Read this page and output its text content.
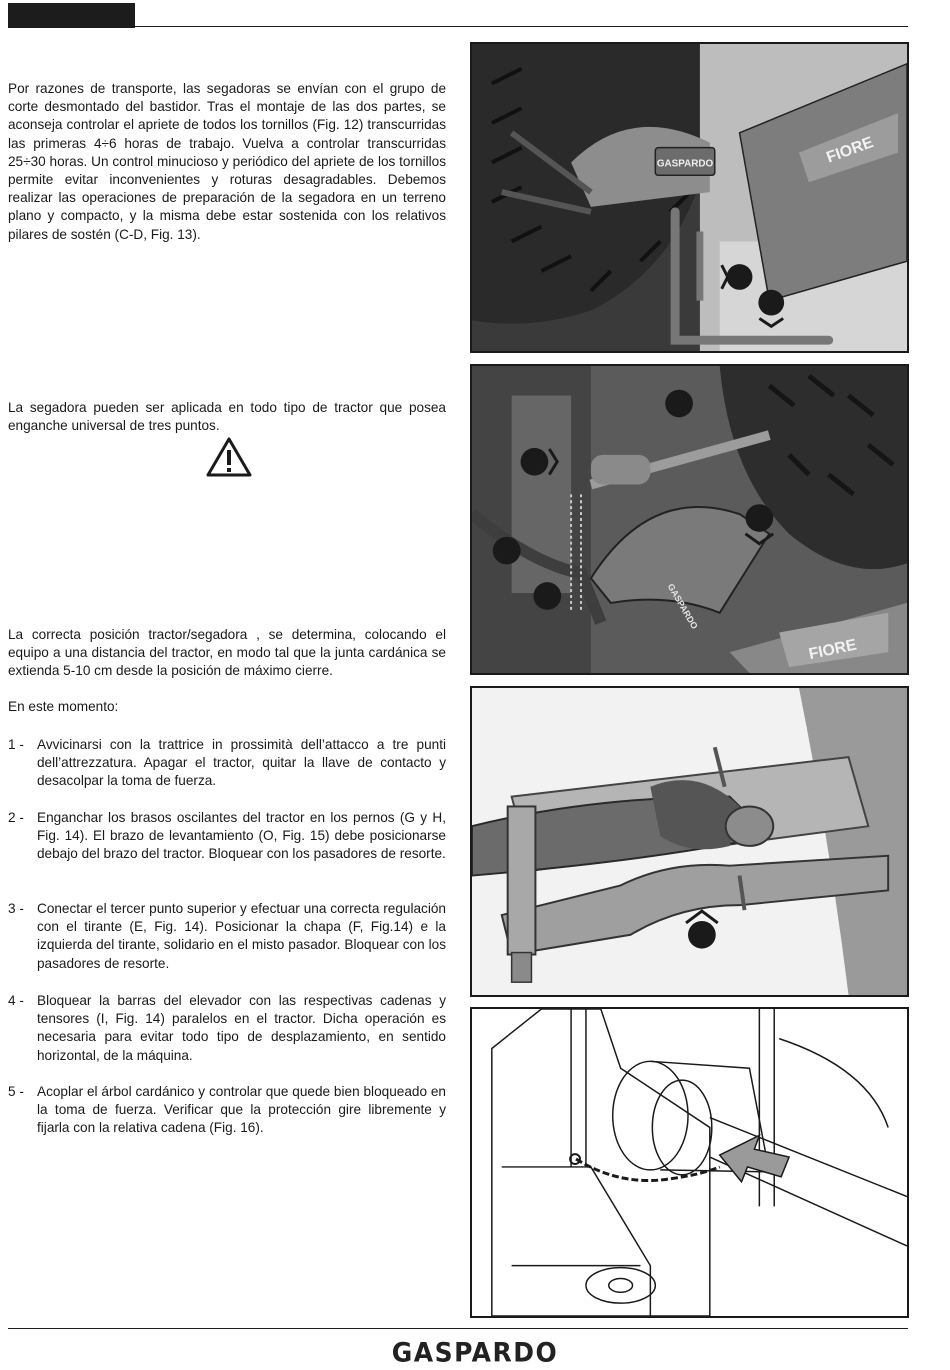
Por razones de transporte, las segadoras se envían con el grupo de corte desmontado del bastidor. Tras el montaje de las dos partes, se aconseja controlar el apriete de todos los tornillos (Fig. 12) transcurridas las primeras 4÷6 horas de trabajo. Vuelva a controlar transcurridas 25÷30 horas. Un control minucioso y periódico del apriete de los tornillos permite evitar inconvenientes y roturas desagradables. Debemos realizar las operaciones de preparación de la segadora en un terreno plano y compacto, y la misma debe estar sostenida con los relativos pilares de sostén (C-D, Fig. 13).

La segadora pueden ser aplicada en todo tipo de tractor que posea enganche universal de tres puntos.

La correcta posición tractor/segadora , se determina, colocando el equipo a una distancia del tractor, en modo tal que la junta cardánica se extienda 5-10 cm desde la posición de máximo cierre.

En este momento:

1 - Avvicinarsi con la trattrice in prossimità dell’attacco a tre punti dell’attrezzatura. Apagar el tractor, quitar la llave de contacto y desacolpar la toma de fuerza.
2 - Enganchar los brasos oscilantes del tractor en los pernos (G y H, Fig. 14). El brazo de levantamiento (O, Fig. 15) debe posicionarse debajo del brazo del tractor. Bloquear con los pasadores de resorte.
3 - Conectar el tercer punto superior y efectuar una correcta regulación con el tirante (E, Fig. 14). Posicionar la chapa (F, Fig.14) e la izquierda del tirante, solidario en el misto pasador. Bloquear con los pasadores de resorte.
4 - Bloquear la barras del elevador con las respectivas cadenas y tensores (I, Fig. 14) paralelos en el tractor. Dicha operación es necesaria para evitar todo tipo de desplazamiento, en sentido horizontal, de la máquina.
5 - Acoplar el árbol cardánico y controlar que quede bien bloqueado en la toma de fuerza. Verificar que la protección gire libremente y fijarla con la relativa cadena (Fig. 16).
GASPARDO	FIORE
FIORE
GASPARDO
GASPARDO
